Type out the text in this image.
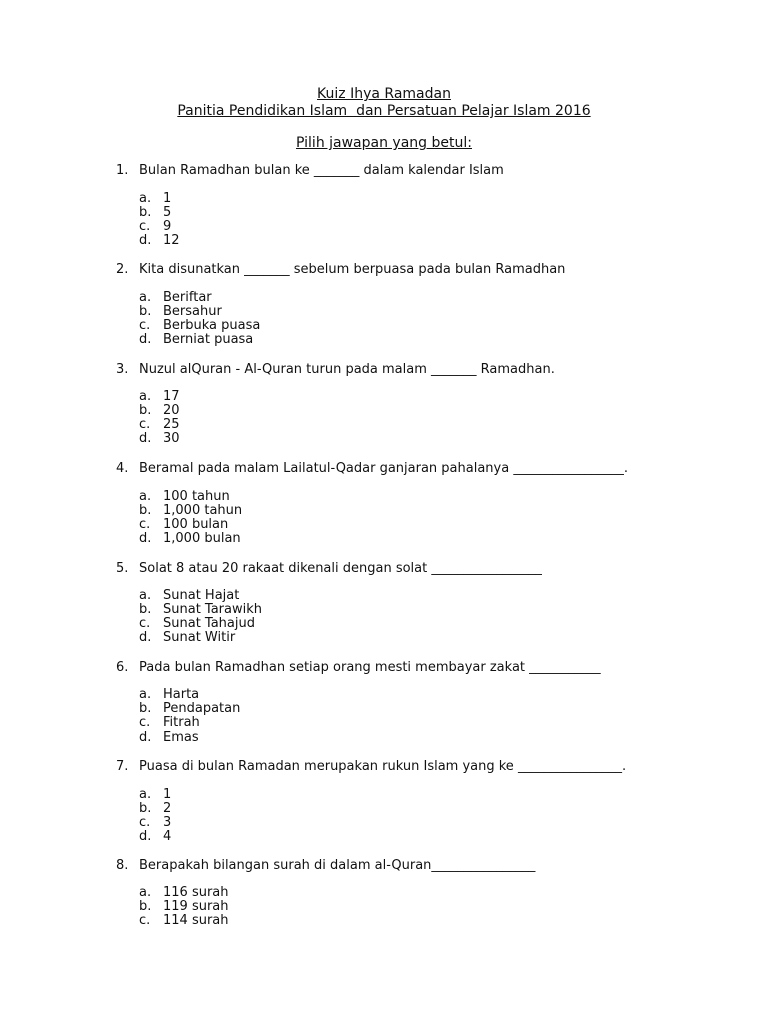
Kuiz Ihya Ramadan
Panitia Pendidikan Islam  dan Persatuan Pelajar Islam 2016
Pilih jawapan yang betul:
1. Bulan Ramadhan bulan ke _______ dalam kalendar Islam
a. 1
b. 5
c. 9
d. 12
2. Kita disunatkan _______ sebelum berpuasa pada bulan Ramadhan
a. Beriftar
b. Bersahur
c. Berbuka puasa
d. Berniat puasa
3. Nuzul alQuran - Al-Quran turun pada malam _______ Ramadhan.
a. 17
b. 20
c. 25
d. 30
4. Beramal pada malam Lailatul-Qadar ganjaran pahalanya _________________.
a. 100 tahun
b. 1,000 tahun
c. 100 bulan
d. 1,000 bulan
5. Solat 8 atau 20 rakaat dikenali dengan solat _________________
a. Sunat Hajat
b. Sunat Tarawikh
c. Sunat Tahajud
d. Sunat Witir
6. Pada bulan Ramadhan setiap orang mesti membayar zakat ___________
a. Harta
b. Pendapatan
c. Fitrah
d. Emas
7. Puasa di bulan Ramadan merupakan rukun Islam yang ke ________________.
a. 1
b. 2
c. 3
d. 4
8. Berapakah bilangan surah di dalam al-Quran________________
a. 116 surah
b. 119 surah
c. 114 surah
